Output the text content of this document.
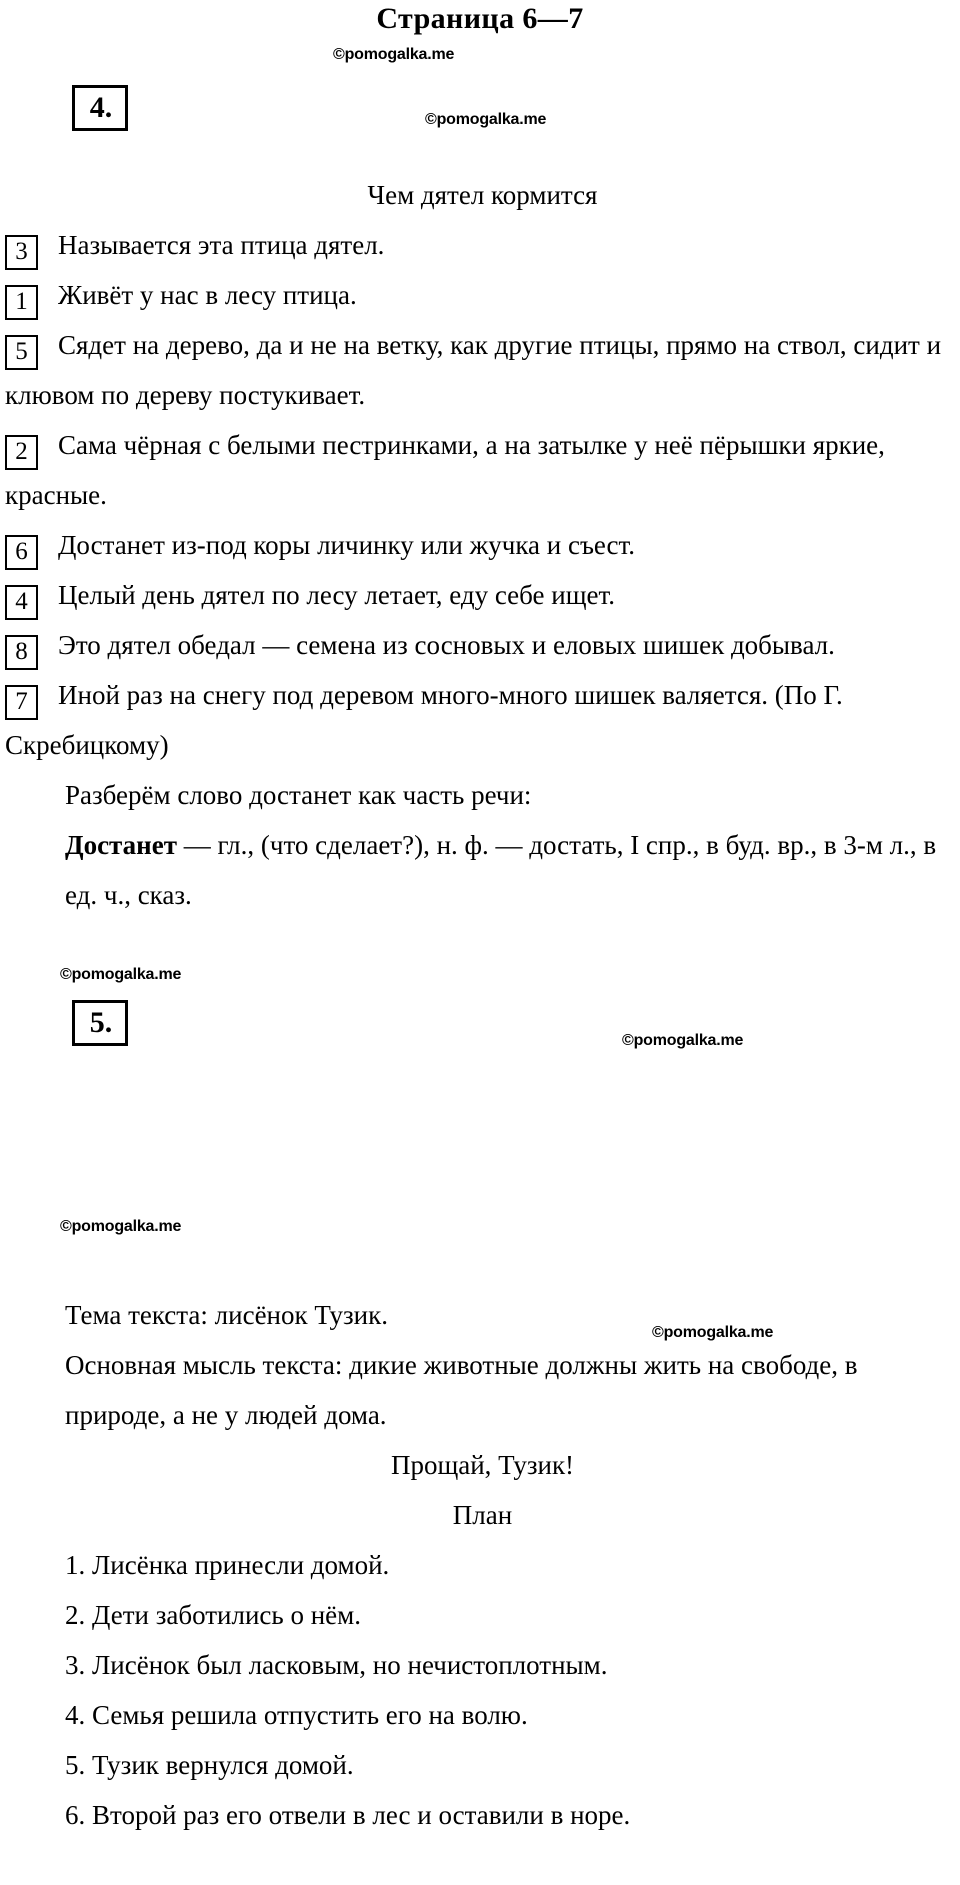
Страница 6—7
©pomogalka.me
©pomogalka.me
©pomogalka.me
©pomogalka.me
©pomogalka.me
©pomogalka.me
4.
Чем дятел кормится
3 Называется эта птица дятел.
1 Живёт у нас в лесу птица.
5 Сядет на дерево, да и не на ветку, как другие птицы, прямо на ствол, сидит и клювом по дереву постукивает.
2 Сама чёрная с белыми пестринками, а на затылке у неё пёрышки яркие, красные.
6 Достанет из-под коры личинку или жучка и съест.
4 Целый день дятел по лесу летает, еду себе ищет.
8 Это дятел обедал — семена из сосновых и еловых шишек добывал.
7 Иной раз на снегу под деревом много-много шишек валяется. (По Г. Скребицкому)
Разберём слово достанет как часть речи:
Достанет — гл., (что сделает?), н. ф. — достать, I спр., в буд. вр., в 3-м л., в ед. ч., сказ.
5.
Тема текста: лисёнок Тузик.
Основная мысль текста: дикие животные должны жить на свободе, в природе, а не у людей дома.
Прощай, Тузик!
План
1. Лисёнка принесли домой.
2. Дети заботились о нём.
3. Лисёнок был ласковым, но нечистоплотным.
4. Семья решила отпустить его на волю.
5. Тузик вернулся домой.
6. Второй раз его отвели в лес и оставили в норе.
